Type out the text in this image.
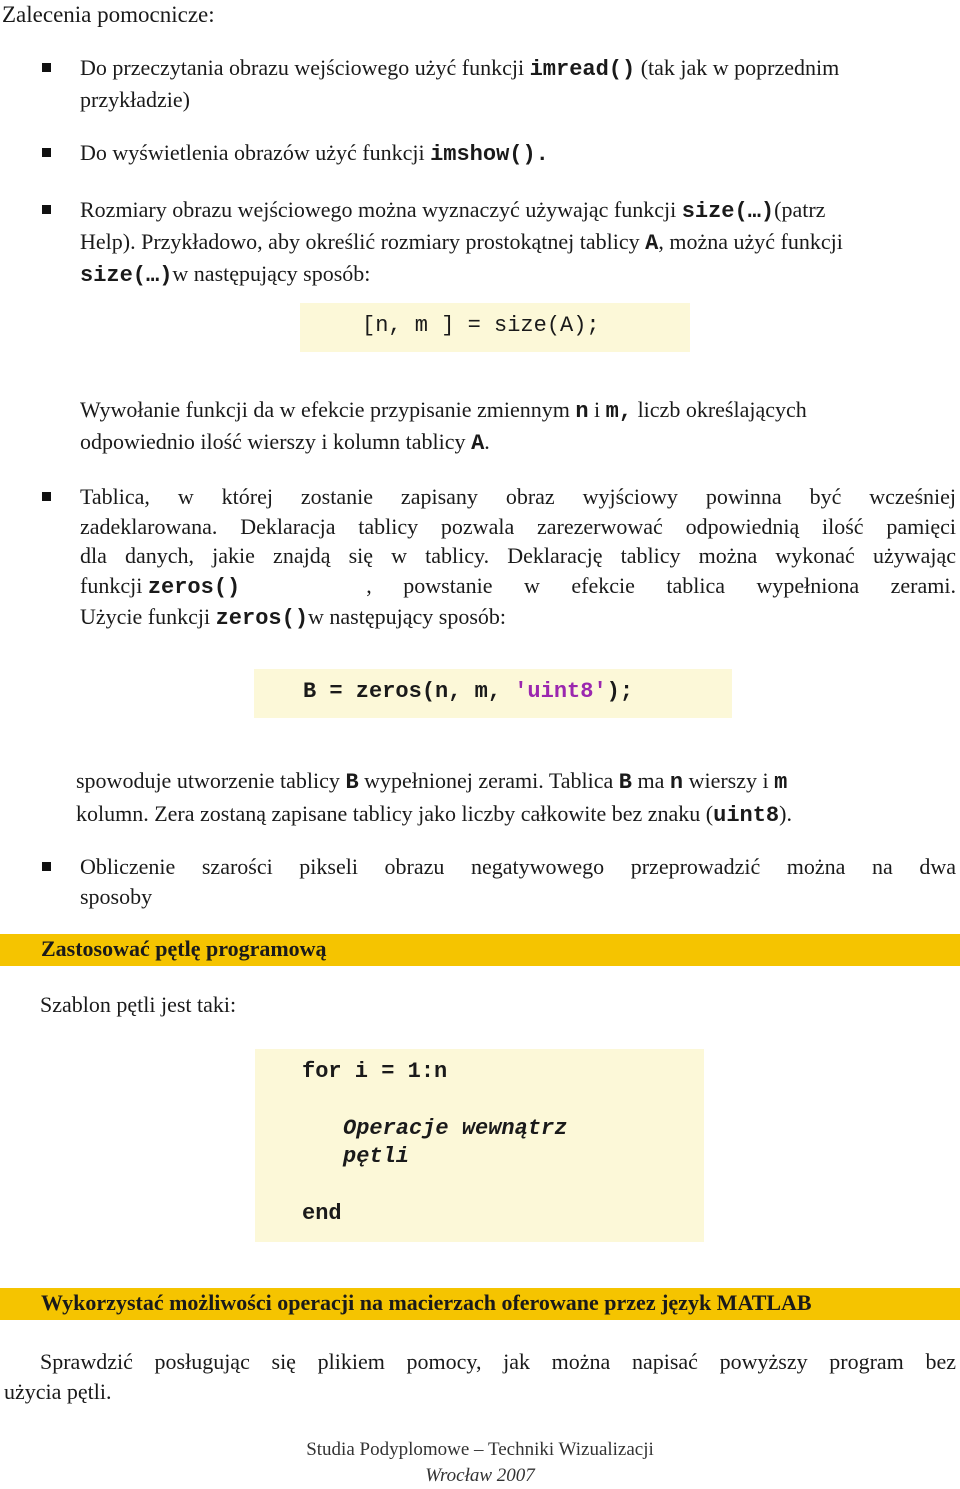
Zalecenia pomocnicze:
Do przeczytania obrazu wejściowego użyć funkcji imread() (tak jak w poprzednim
przykładzie)
Do wyświetlenia obrazów użyć funkcji imshow().
Rozmiary obrazu wejściowego można wyznaczyć używając funkcji size(…)(patrz
Help). Przykładowo, aby określić rozmiary prostokątnej tablicy A, można użyć funkcji
size(…)w następujący sposób:
[n, m ] = size(A);
Wywołanie funkcji da w efekcie przypisanie zmiennym n i m, liczb określających
odpowiednio ilość wierszy i kolumn tablicy A.
Tablica, w której zostanie zapisany obraz wyjściowy powinna być wcześniej
zadeklarowana. Deklaracja tablicy pozwala zarezerwować odpowiednią ilość pamięci
dla danych, jakie znajdą się w tablicy. Deklarację tablicy można wykonać używając
funkcji zeros()	, powstanie w efekcie tablica wypełniona zerami.
Użycie funkcji zeros()w następujący sposób:
B = zeros(n, m, 'uint8');
spowoduje utworzenie tablicy B wypełnionej zerami. Tablica B ma n wierszy i m
kolumn. Zera zostaną zapisane tablicy jako liczby całkowite bez znaku (uint8).
Obliczenie szarości pikseli obrazu negatywowego przeprowadzić można na dwa
sposoby
Zastosować pętlę programową
Szablon pętli jest taki:
for i = 1:n
Operacje wewnątrz
pętli
end
Wykorzystać możliwości operacji na macierzach oferowane przez język MATLAB
Sprawdzić posługując się plikiem pomocy, jak można napisać powyższy program bez
użycia pętli.
Studia Podyplomowe – Techniki Wizualizacji
Wrocław 2007
